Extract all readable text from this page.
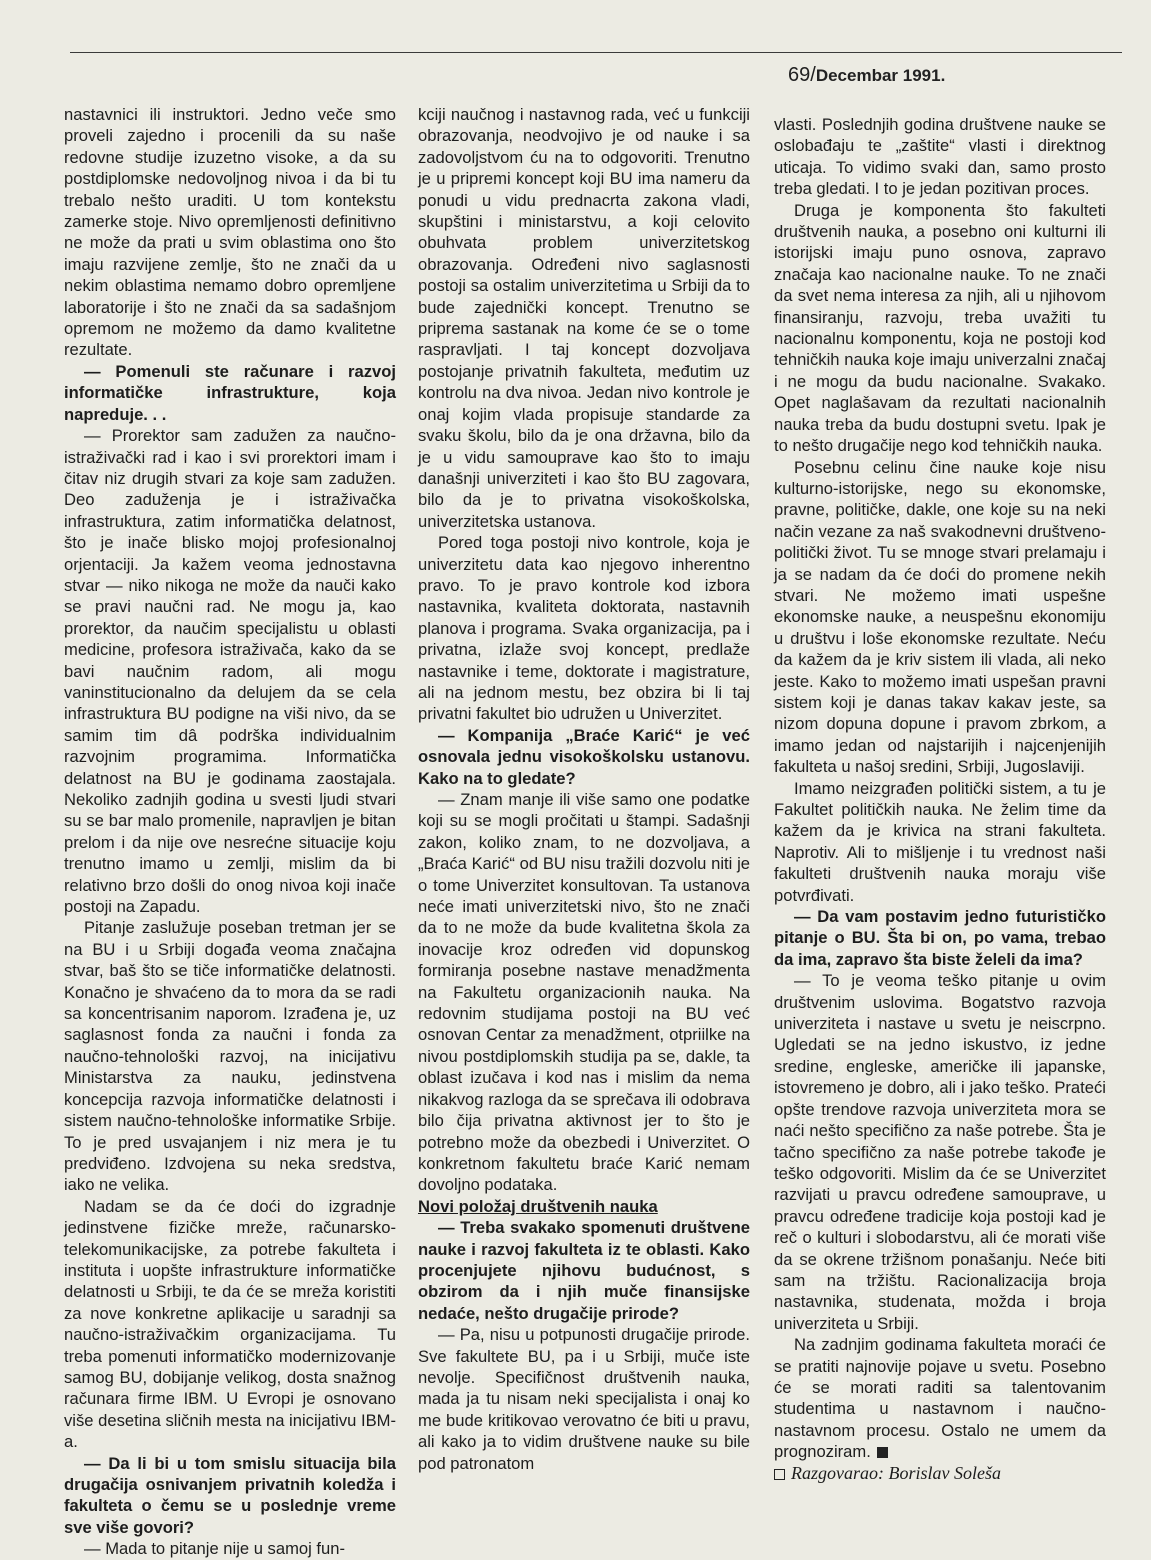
69/Decembar 1991.

nastavnici ili instruktori. Jedno veče smo proveli zajedno i procenili da su naše redovne studije izuzetno visoke, a da su postdiplomske nedovoljnog nivoa i da bi tu trebalo nešto uraditi. U tom kontekstu zamerke stoje. Nivo opremljenosti definitivno ne može da prati u svim oblastima ono što imaju razvijene zemlje, što ne znači da u nekim oblastima nemamo dobro opremljene laboratorije i što ne znači da sa sadašnjom opremom ne možemo da damo kvalitetne rezultate.

— Pomenuli ste računare i razvoj informatičke infrastrukture, koja napreduje. . .

— Prorektor sam zadužen za naučno-istraživački rad i kao i svi prorektori imam i čitav niz drugih stvari za koje sam zadužen. Deo zaduženja je i istraživačka infrastruktura, zatim informatička delatnost, što je inače blisko mojoj profesionalnoj orjentaciji. Ja kažem veoma jednostavna stvar — niko nikoga ne može da nauči kako se pravi naučni rad. Ne mogu ja, kao prorektor, da naučim specijalistu u oblasti medicine, profesora istraživača, kako da se bavi naučnim radom, ali mogu vaninstitucionalno da delujem da se cela infrastruktura BU podigne na viši nivo, da se samim tim dâ podrška individualnim razvojnim programima. Informatička delatnost na BU je godinama zaostajala. Nekoliko zadnjih godina u svesti ljudi stvari su se bar malo promenile, napravljen je bitan prelom i da nije ove nesrećne situacije koju trenutno imamo u zemlji, mislim da bi relativno brzo došli do onog nivoa koji inače postoji na Zapadu.

Pitanje zaslužuje poseban tretman jer se na BU i u Srbiji događa veoma značajna stvar, baš što se tiče informatičke delatnosti. Konačno je shvaćeno da to mora da se radi sa koncentrisanim naporom. Izrađena je, uz saglasnost fonda za naučni i fonda za naučno-tehnološki razvoj, na inicijativu Ministarstva za nauku, jedinstvena koncepcija razvoja informatičke delatnosti i sistem naučno-tehnološke informatike Srbije. To je pred usvajanjem i niz mera je tu predviđeno. Izdvojena su neka sredstva, iako ne velika.

Nadam se da će doći do izgradnje jedinstvene fizičke mreže, računarsko-telekomunikacijske, za potrebe fakulteta i instituta i uopšte infrastrukture informatičke delatnosti u Srbiji, te da će se mreža koristiti za nove konkretne aplikacije u saradnji sa naučno-istraživačkim organizacijama. Tu treba pomenuti informatičko modernizovanje samog BU, dobijanje velikog, dosta snažnog računara firme IBM. U Evropi je osnovano više desetina sličnih mesta na inicijativu IBM-a.

— Da li bi u tom smislu situacija bila drugačija osnivanjem privatnih koledža i fakulteta o čemu se u poslednje vreme sve više govori?

— Mada to pitanje nije u samoj fun-

kciji naučnog i nastavnog rada, već u funkciji obrazovanja, neodvojivo je od nauke i sa zadovoljstvom ću na to odgovoriti. Trenutno je u pripremi koncept koji BU ima nameru da ponudi u vidu prednacrta zakona vladi, skupštini i ministarstvu, a koji celovito obuhvata problem univerzitetskog obrazovanja. Određeni nivo saglasnosti postoji sa ostalim univerzitetima u Srbiji da to bude zajednički koncept. Trenutno se priprema sastanak na kome će se o tome raspravljati. I taj koncept dozvoljava postojanje privatnih fakulteta, međutim uz kontrolu na dva nivoa. Jedan nivo kontrole je onaj kojim vlada propisuje standarde za svaku školu, bilo da je ona državna, bilo da je u vidu samouprave kao što to imaju današnji univerziteti i kao što BU zagovara, bilo da je to privatna visokoškolska, univerzitetska ustanova.

Pored toga postoji nivo kontrole, koja je univerzitetu data kao njegovo inherentno pravo. To je pravo kontrole kod izbora nastavnika, kvaliteta doktorata, nastavnih planova i programa. Svaka organizacija, pa i privatna, izlaže svoj koncept, predlaže nastavnike i teme, doktorate i magistrature, ali na jednom mestu, bez obzira bi li taj privatni fakultet bio udružen u Univerzitet.

— Kompanija „Braće Karić“ je već osnovala jednu visokoškolsku ustanovu. Kako na to gledate?

— Znam manje ili više samo one podatke koji su se mogli pročitati u štampi. Sadašnji zakon, koliko znam, to ne dozvoljava, a „Braća Karić“ od BU nisu tražili dozvolu niti je o tome Univerzitet konsultovan. Ta ustanova neće imati univerzitetski nivo, što ne znači da to ne može da bude kvalitetna škola za inovacije kroz određen vid dopunskog formiranja posebne nastave menadžmenta na Fakultetu organizacionih nauka. Na redovnim studijama postoji na BU već osnovan Centar za menadžment, otpriilke na nivou postdiplomskih studija pa se, dakle, ta oblast izučava i kod nas i mislim da nema nikakvog razloga da se sprečava ili odobrava bilo čija privatna aktivnost jer to što je potrebno može da obezbedi i Univerzitet. O konkretnom fakultetu braće Karić nemam dovoljno podataka.

Novi položaj društvenih nauka

— Treba svakako spomenuti društvene nauke i razvoj fakulteta iz te oblasti. Kako procenjujete njihovu budućnost, s obzirom da i njih muče finansijske nedaće, nešto drugačije prirode?

— Pa, nisu u potpunosti drugačije prirode. Sve fakultete BU, pa i u Srbiji, muče iste nevolje. Specifičnost društvenih nauka, mada ja tu nisam neki specijalista i onaj ko me bude kritikovao verovatno će biti u pravu, ali kako ja to vidim društvene nauke su bile pod patronatom

vlasti. Poslednjih godina društvene nauke se oslobađaju te „zaštite“ vlasti i direktnog uticaja. To vidimo svaki dan, samo prosto treba gledati. I to je jedan pozitivan proces.

Druga je komponenta što fakulteti društvenih nauka, a posebno oni kulturni ili istorijski imaju puno osnova, zapravo značaja kao nacionalne nauke. To ne znači da svet nema interesa za njih, ali u njihovom finansiranju, razvoju, treba uvažiti tu nacionalnu komponentu, koja ne postoji kod tehničkih nauka koje imaju univerzalni značaj i ne mogu da budu nacionalne. Svakako. Opet naglašavam da rezultati nacionalnih nauka treba da budu dostupni svetu. Ipak je to nešto drugačije nego kod tehničkih nauka.

Posebnu celinu čine nauke koje nisu kulturno-istorijske, nego su ekonomske, pravne, političke, dakle, one koje su na neki način vezane za naš svakodnevni društveno-politički život. Tu se mnoge stvari prelamaju i ja se nadam da će doći do promene nekih stvari. Ne možemo imati uspešne ekonomske nauke, a neuspešnu ekonomiju u društvu i loše ekonomske rezultate. Neću da kažem da je kriv sistem ili vlada, ali neko jeste. Kako to možemo imati uspešan pravni sistem koji je danas takav kakav jeste, sa nizom dopuna dopune i pravom zbrkom, a imamo jedan od najstarijih i najcenjenijih fakulteta u našoj sredini, Srbiji, Jugoslaviji.

Imamo neizgrađen politički sistem, a tu je Fakultet političkih nauka. Ne želim time da kažem da je krivica na strani fakulteta. Naprotiv. Ali to mišljenje i tu vrednost naši fakulteti društvenih nauka moraju više potvrđivati.

— Da vam postavim jedno futurističko pitanje o BU. Šta bi on, po vama, trebao da ima, zapravo šta biste želeli da ima?

— To je veoma teško pitanje u ovim društvenim uslovima. Bogatstvo razvoja univerziteta i nastave u svetu je neiscrpno. Ugledati se na jedno iskustvo, iz jedne sredine, engleske, američke ili japanske, istovremeno je dobro, ali i jako teško. Prateći opšte trendove razvoja univerziteta mora se naći nešto specifično za naše potrebe. Šta je tačno specifično za naše potrebe takođe je teško odgovoriti. Mislim da će se Univerzitet razvijati u pravcu određene samouprave, u pravcu određene tradicije koja postoji kad je reč o kulturi i slobodarstvu, ali će morati više da se okrene tržišnom ponašanju. Neće biti sam na tržištu. Racionalizacija broja nastavnika, studenata, možda i broja univerziteta u Srbiji.

Na zadnjim godinama fakulteta moraći će se pratiti najnovije pojave u svetu. Posebno će se morati raditi sa talentovanim studentima u nastavnom i naučno-nastavnom procesu. Ostalo ne umem da prognoziram.

Razgovarao: Borislav Soleša
